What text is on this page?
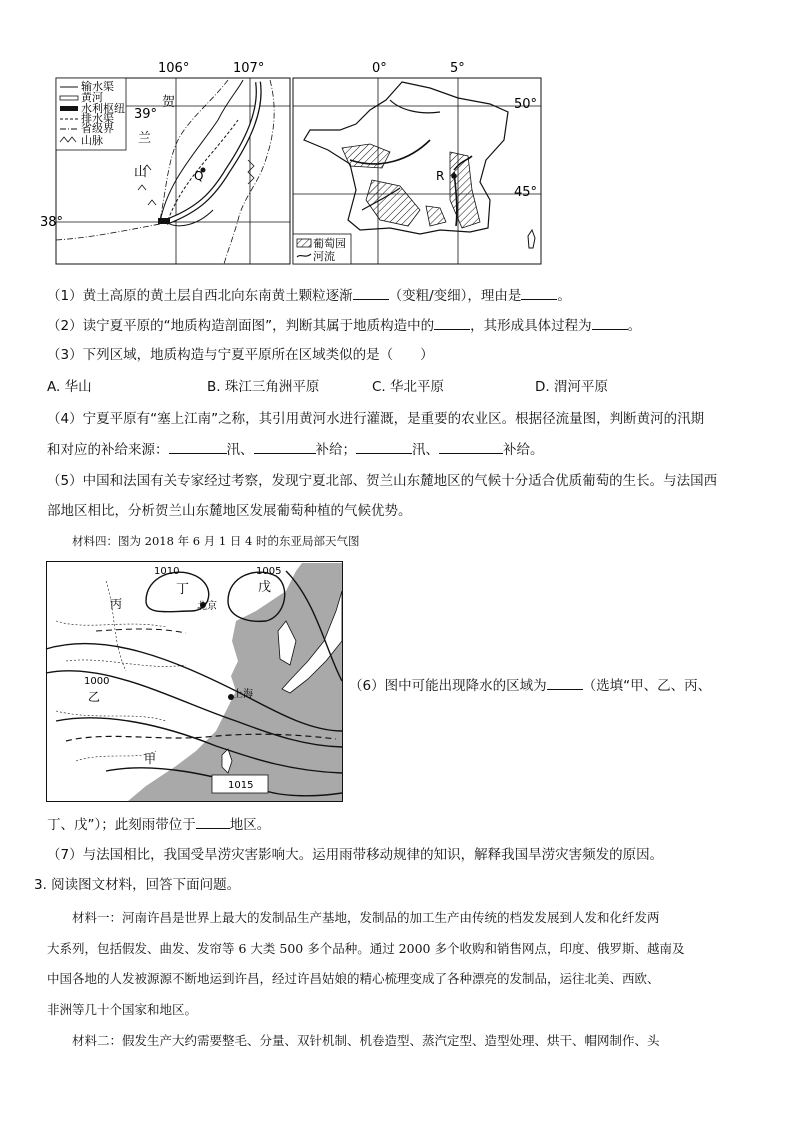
输水渠
黄河
水利枢纽
排水渠
省级界
山脉
106°	107°
39°
38°
贺
兰
山	Q
葡萄园
河流
0°	5°
50°
45°
R
（1）黄土高原的黄土层自西北向东南黄土颗粒逐渐	（变粗/变细），理由是	。
（2）读宁夏平原的“地质构造剖面图”，判断其属于地质构造中的	，其形成具体过程为	。
（3）下列区域，地质构造与宁夏平原所在区域类似的是（　　）
A. 华山	B. 珠江三角洲平原	C. 华北平原	D. 渭河平原
（4）宁夏平原有“塞上江南”之称，其引用黄河水进行灌溉，是重要的农业区。根据径流量图，判断黄河的汛期
和对应的补给来源：	汛、	补给；	汛、	补给。
（5）中国和法国有关专家经过考察，发现宁夏北部、贺兰山东麓地区的气候十分适合优质葡萄的生长。与法国西
部地区相比，分析贺兰山东麓地区发展葡萄种植的气候优势。
材料四：图为 2018 年 6 月 1 日 4 时的东亚局部天气图
1010	1005
1000
1015
丁	戊
丙
乙
甲
北京
上海
（6）图中可能出现降水的区域为	（选填“甲、乙、丙、
丁、戊”）；此刻雨带位于	地区。
（7）与法国相比，我国受旱涝灾害影响大。运用雨带移动规律的知识，解释我国旱涝灾害频发的原因。
3. 阅读图文材料，回答下面问题。
材料一：河南许昌是世界上最大的发制品生产基地，发制品的加工生产由传统的档发发展到人发和化纤发两
大系列，包括假发、曲发、发帘等 6 大类 500 多个品种。通过 2000 多个收购和销售网点，印度、俄罗斯、越南及
中国各地的人发被源源不断地运到许昌，经过许昌姑娘的精心梳理变成了各种漂亮的发制品，运往北美、西欧、
非洲等几十个国家和地区。
材料二：假发生产大约需要整毛、分量、双针机制、机卷造型、蒸汽定型、造型处理、烘干、帽网制作、头
